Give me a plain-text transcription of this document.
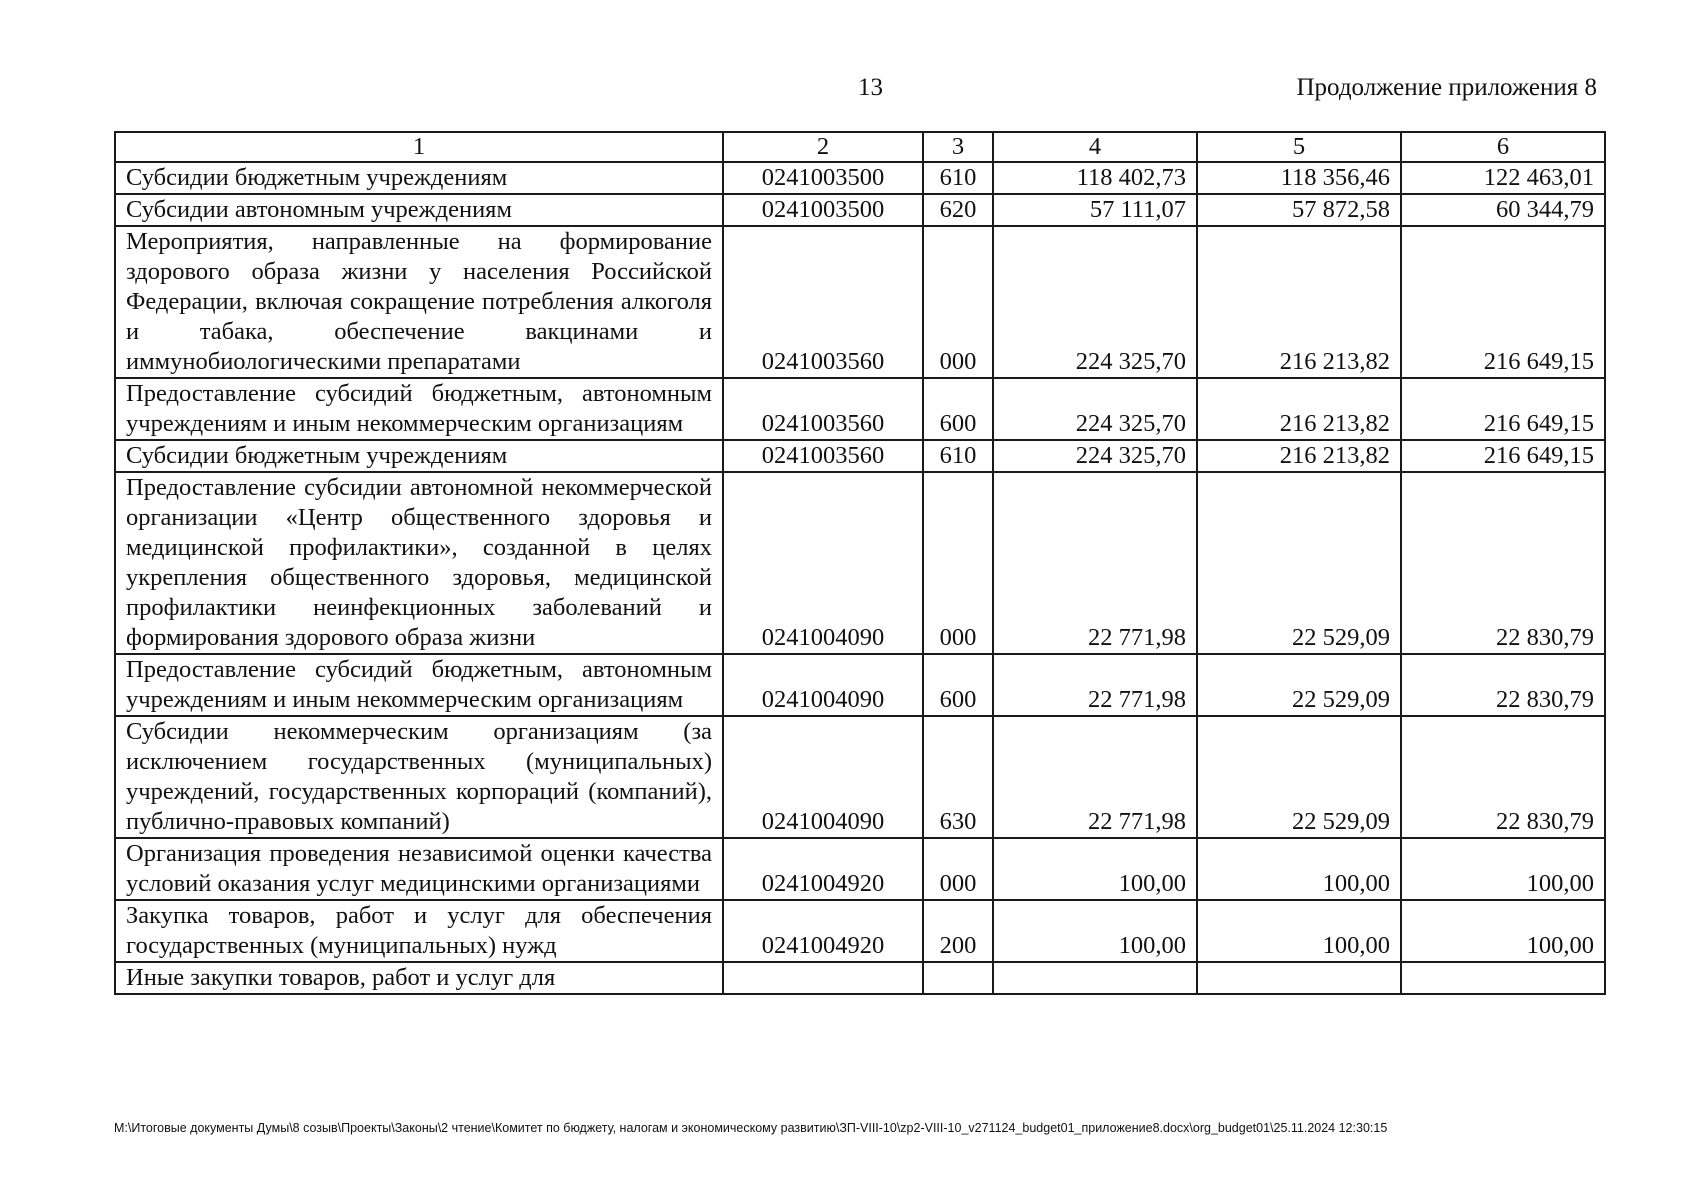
13	Продолжение приложения 8
1	2	3	4	5	6
Субсидии бюджетным учреждениям	0241003500	610	118 402,73	118 356,46	122 463,01
Субсидии автономным учреждениям	0241003500	620	57 111,07	57 872,58	60 344,79
Мероприятия, направленные на формирование здорового образа жизни у населения Российской Федерации, включая сокращение потребления алкоголя и табака, обеспечение вакцинами и иммунобиологическими препаратами	0241003560	000	224 325,70	216 213,82	216 649,15
Предоставление субсидий бюджетным, автономным учреждениям и иным некоммерческим организациям	0241003560	600	224 325,70	216 213,82	216 649,15
Субсидии бюджетным учреждениям	0241003560	610	224 325,70	216 213,82	216 649,15
Предоставление субсидии автономной некоммерческой организации «Центр общественного здоровья и медицинской профилактики», созданной в целях укрепления общественного здоровья, медицинской профилактики неинфекционных заболеваний и формирования здорового образа жизни	0241004090	000	22 771,98	22 529,09	22 830,79
Предоставление субсидий бюджетным, автономным учреждениям и иным некоммерческим организациям	0241004090	600	22 771,98	22 529,09	22 830,79
Субсидии некоммерческим организациям (за исключением государственных (муниципальных) учреждений, государственных корпораций (компаний), публично-правовых компаний)	0241004090	630	22 771,98	22 529,09	22 830,79
Организация проведения независимой оценки качества условий оказания услуг медицинскими организациями	0241004920	000	100,00	100,00	100,00
Закупка товаров, работ и услуг для обеспечения государственных (муниципальных) нужд	0241004920	200	100,00	100,00	100,00
Иные закупки товаров, работ и услуг для					
M:\Итоговые документы Думы\8 созыв\Проекты\Законы\2 чтение\Комитет по бюджету, налогам и экономическому развитию\ЗП-VIII-10\zp2-VIII-10_v271124_budget01_приложение8.docx\org_budget01\25.11.2024 12:30:15
